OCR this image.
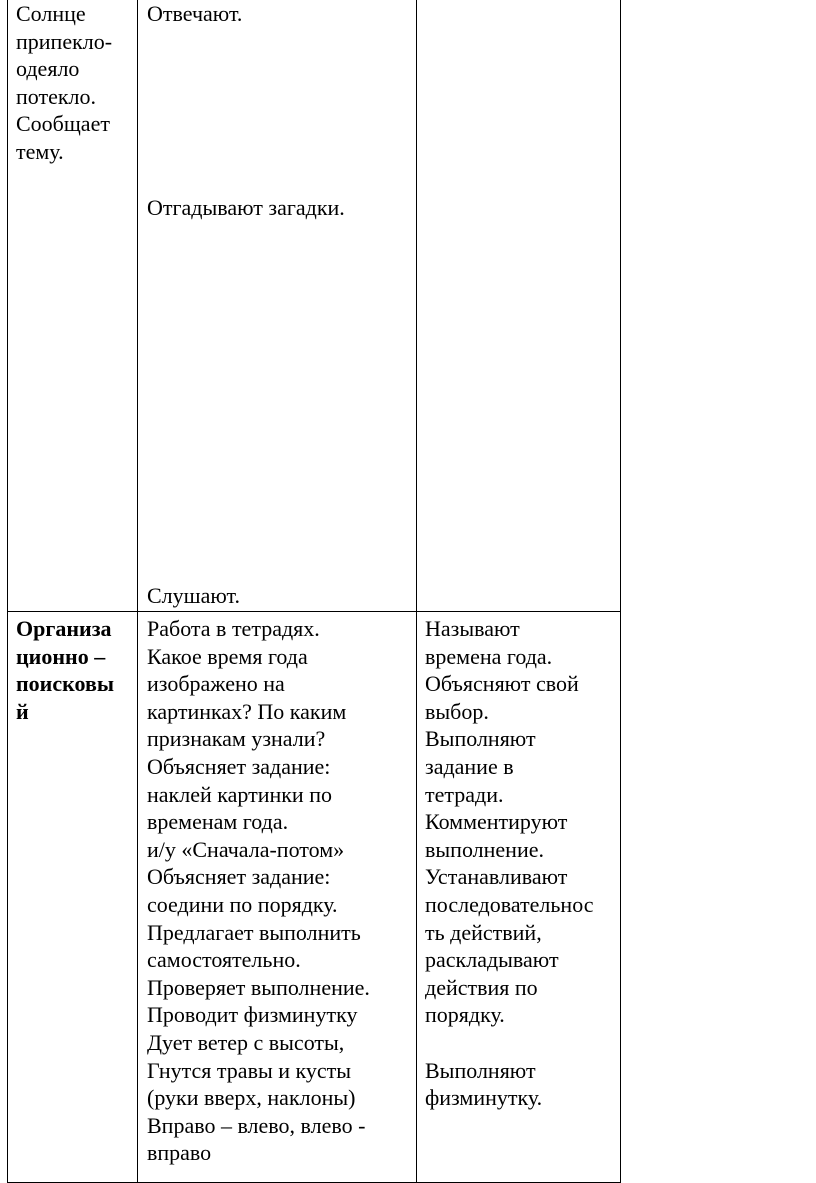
Солнце
припекло-
одеяло
потекло.
Сообщает
тему.

Отвечают.

Отгадывают загадки.

Слушают.

Организа
ционно –
поисковы
й

Работа в тетрадях.
Какое время года
изображено на
картинках? По каким
признакам узнали?
Объясняет задание:
наклей картинки по
временам года.
и/у «Сначала-потом»
Объясняет задание:
соедини по порядку.
Предлагает выполнить
самостоятельно.
Проверяет выполнение.
Проводит физминутку
Дует ветер с высоты,
Гнутся травы и кусты
(руки вверх, наклоны)
Вправо – влево, влево -
вправо

Называют
времена года.
Объясняют свой
выбор.
Выполняют
задание в
тетради.
Комментируют
выполнение.
Устанавливают
последовательнос
ть действий,
раскладывают
действия по
порядку.

Выполняют
физминутку.
